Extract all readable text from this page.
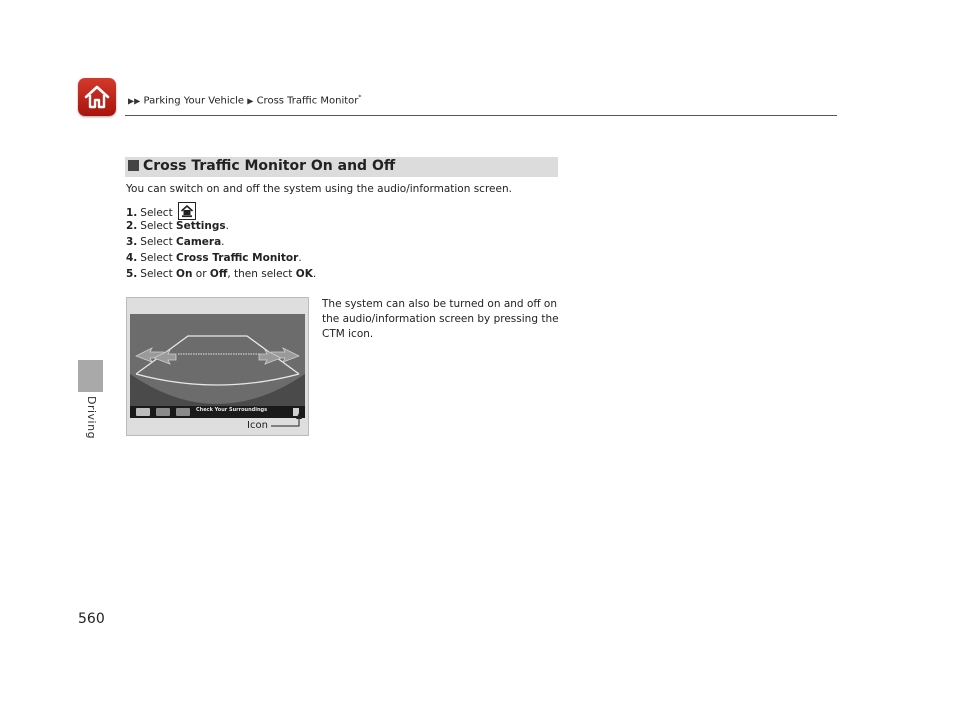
▶▶ Parking Your Vehicle ▶ Cross Traffic Monitor*
Driving
560
Cross Traffic Monitor On and Off
You can switch on and off the system using the audio/information screen.
1. Select
2. Select Settings.
3. Select Camera.
4. Select Cross Traffic Monitor.
5. Select On or Off, then select OK.
Check Your Surroundings
Icon
The system can also be turned on and off on the audio/information screen by pressing the CTM icon.
